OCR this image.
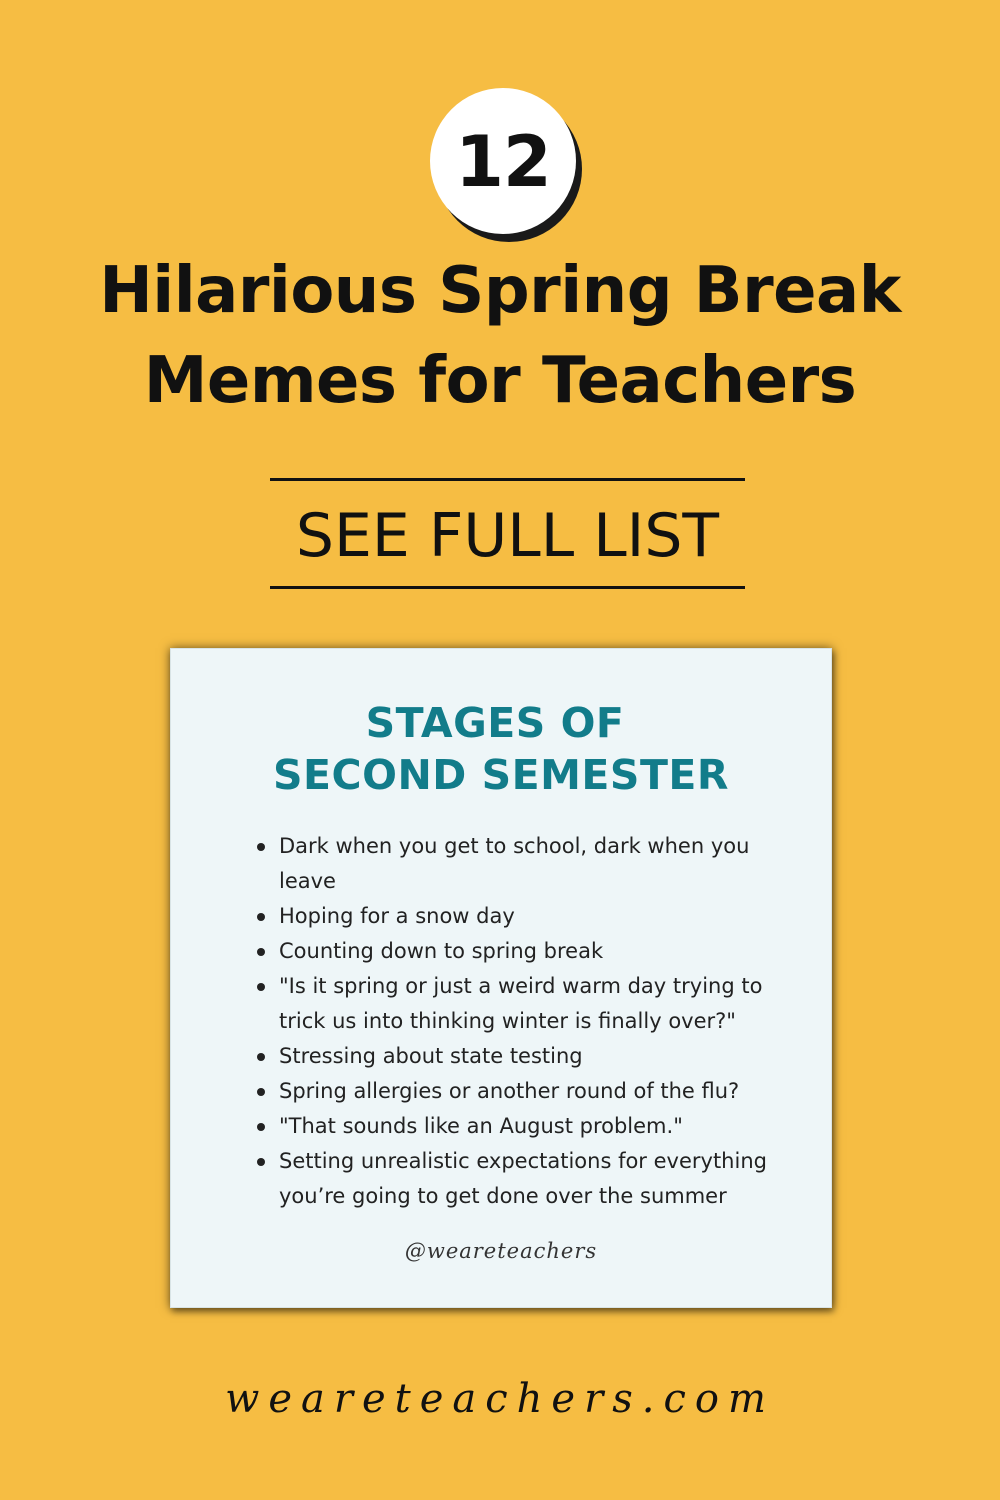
12
Hilarious Spring Break
Memes for Teachers
SEE FULL LIST
STAGES OF
SECOND SEMESTER
Dark when you get to school, dark when you leave
Hoping for a snow day
Counting down to spring break
"Is it spring or just a weird warm day trying to trick us into thinking winter is finally over?"
Stressing about state testing
Spring allergies or another round of the flu?
"That sounds like an August problem."
Setting unrealistic expectations for everything you’re going to get done over the summer
@weareteachers
weareteachers.com
